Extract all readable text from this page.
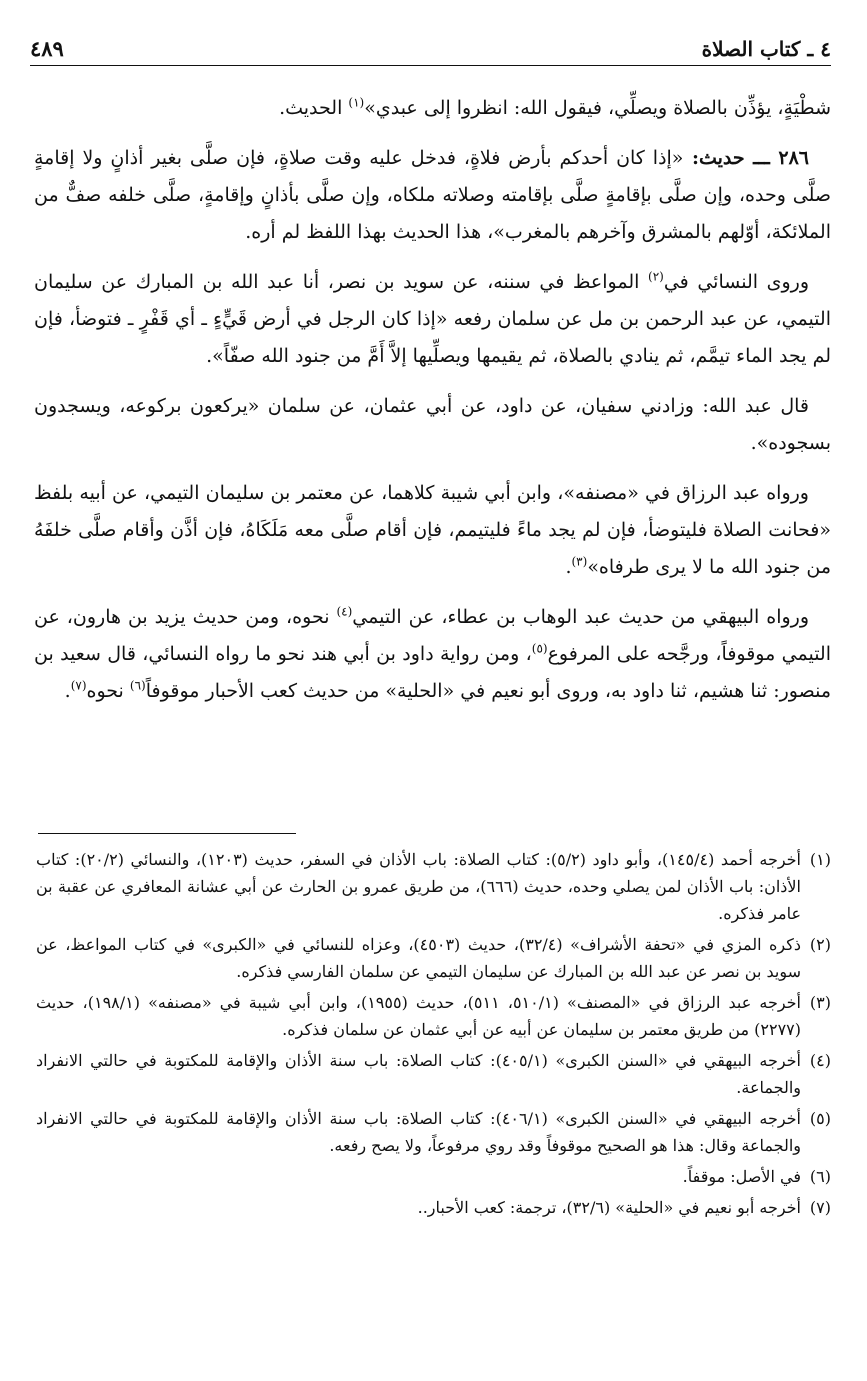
٤ ـ كتاب الصلاة
٤٨٩

شطْيَةٍ، يؤذِّن بالصلاة ويصلِّي، فيقول الله: انظروا إلى عبدي»$^{(١)}$ الحديث.

٢٨٦ ـــ حديث: «إذا كان أحدكم بأرض فلاةٍ، فدخل عليه وقت صلاةٍ، فإن صلَّى بغير أذانٍ ولا إقامةٍ صلَّى وحده، وإن صلَّى بإقامةٍ صلَّى بإقامته وصلاته ملكاه، وإن صلَّى بأذانٍ وإقامةٍ، صلَّى خلفه صفٌّ من الملائكة، أوّلهم بالمشرق وآخرهم بالمغرب»، هذا الحديث بهذا اللفظ لم أره.

وروى النسائي في$^{(٢)}$ المواعظ في سننه، عن سويد بن نصر، أنا عبد الله بن المبارك عن سليمان التيمي، عن عبد الرحمن بن مل عن سلمان رفعه «إذا كان الرجل في أرض قَيٍّءٍ ـ أي قَفْرٍ ـ فتوضأ، فإن لم يجد الماء تيمَّم، ثم ينادي بالصلاة، ثم يقيمها ويصلِّيها إلاَّ أَمَّ من جنود الله صفّاً».

قال عبد الله: وزادني سفيان، عن داود، عن أبي عثمان، عن سلمان «يركعون بركوعه، ويسجدون بسجوده».

ورواه عبد الرزاق في «مصنفه»، وابن أبي شيبة كلاهما، عن معتمر بن سليمان التيمي، عن أبيه بلفظ «فحانت الصلاة فليتوضأ، فإن لم يجد ماءً فليتيمم، فإن أقام صلَّى معه مَلَكَاهُ، فإن أذَّن وأقام صلَّى خلفَهُ من جنود الله ما لا يرى طرفاه»$^{(٣)}$.

ورواه البيهقي من حديث عبد الوهاب بن عطاء، عن التيمي$^{(٤)}$ نحوه، ومن حديث يزيد بن هارون، عن التيمي موقوفاً، ورجَّحه على المرفوع$^{(٥)}$، ومن رواية داود بن أبي هند نحو ما رواه النسائي، قال سعيد بن منصور: ثنا هشيم، ثنا داود به، وروى أبو نعيم في «الحلية» من حديث كعب الأحبار موقوفاً$^{(٦)}$ نحوه$^{(٧)}$.

(١)
أخرجه أحمد (١٤٥/٤)، وأبو داود (٥/٢): كتاب الصلاة: باب الأذان في السفر، حديث (١٢٠٣)، والنسائي (٢٠/٢): كتاب الأذان: باب الأذان لمن يصلي وحده، حديث (٦٦٦)، من طريق عمرو بن الحارث عن أبي عشانة المعافري عن عقبة بن عامر فذكره.
(٢)
ذكره المزي في «تحفة الأشراف» (٣٢/٤)، حديث (٤٥٠٣)، وعزاه للنسائي في «الكبرى» في كتاب المواعظ، عن سويد بن نصر عن عبد الله بن المبارك عن سليمان التيمي عن سلمان الفارسي فذكره.
(٣)
أخرجه عبد الرزاق في «المصنف» (٥١٠/١، ٥١١)، حديث (١٩٥٥)، وابن أبي شيبة في «مصنفه» (١٩٨/١)، حديث (٢٢٧٧) من طريق معتمر بن سليمان عن أبيه عن أبي عثمان عن سلمان فذكره.
(٤)
أخرجه البيهقي في «السنن الكبرى» (٤٠٥/١): كتاب الصلاة: باب سنة الأذان والإقامة للمكتوبة في حالتي الانفراد والجماعة.
(٥)
أخرجه البيهقي في «السنن الكبرى» (٤٠٦/١): كتاب الصلاة: باب سنة الأذان والإقامة للمكتوبة في حالتي الانفراد والجماعة وقال: هذا هو الصحيح موقوفاً وقد روي مرفوعاً، ولا يصح رفعه.
(٦)
في الأصل: موقفاً.
(٧)
أخرجه أبو نعيم في «الحلية» (٣٢/٦)، ترجمة: كعب الأحبار..
